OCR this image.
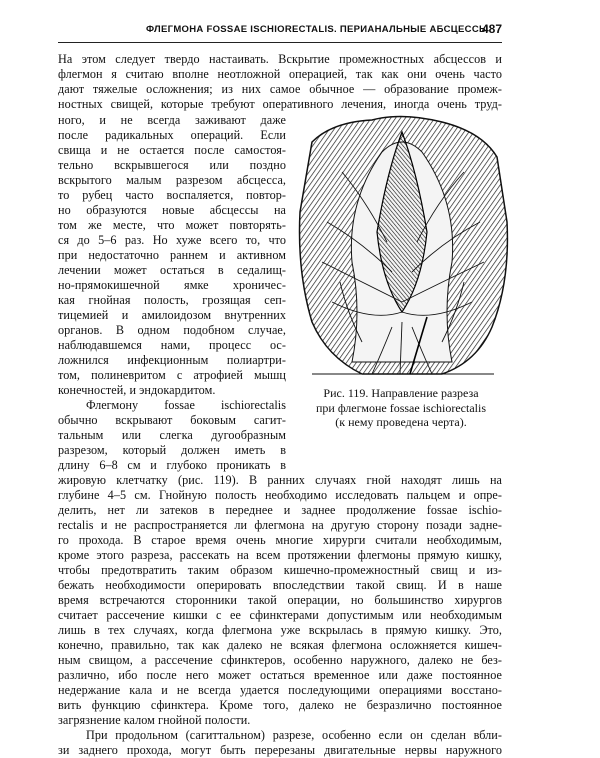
ФЛЕГМОНА FOSSAE ISCHIORECTALIS. ПЕРИАНАЛЬНЫЕ АБСЦЕССЫ
487
На этом следует твердо настаивать. Вскрытие промежностных абсцессов и
флегмон я считаю вполне неотложной операцией, так как они очень часто
дают тяжелые осложнения; из них самое обычное — образование промеж-
ностных свищей, которые требуют оперативного лечения, иногда очень труд-
ного, и не всегда заживают даже
после радикальных операций. Если
свища и не остается после самостоя-
тельно вскрывшегося или поздно
вскрытого малым разрезом абсцесса,
то рубец часто воспаляется, повтор-
но образуются новые абсцессы на
том же месте, что может повторять-
ся до 5–6 раз. Но хуже всего то, что
при недостаточно раннем и активном
лечении может остаться в седалищ-
но-прямокишечной ямке хроничес-
кая гнойная полость, грозящая сеп-
тицемией и амилоидозом внутренних
органов. В одном подобном случае,
наблюдавшемся нами, процесс ос-
ложнился инфекционным полиартри-
том, полиневритом с атрофией мышц
конечностей, и эндокардитом.
Флегмону fossae ischiorectalis
обычно вскрывают боковым сагит-
тальным или слегка дугообразным
разрезом, который должен иметь в
длину 6–8 см и глубоко проникать в
жировую клетчатку (рис. 119). В ранних случаях гной находят лишь на
глубине 4–5 см. Гнойную полость необходимо исследовать пальцем и опре-
делить, нет ли затеков в переднее и заднее продолжение fossae ischio-
rectalis и не распространяется ли флегмона на другую сторону позади задне-
го прохода. В старое время очень многие хирурги считали необходимым,
кроме этого разреза, рассекать на всем протяжении флегмоны прямую кишку,
чтобы предотвратить таким образом кишечно-промежностный свищ и из-
бежать необходимости оперировать впоследствии такой свищ. И в наше
время встречаются сторонники такой операции, но большинство хирургов
считает рассечение кишки с ее сфинктерами допустимым или необходимым
лишь в тех случаях, когда флегмона уже вскрылась в прямую кишку. Это,
конечно, правильно, так как далеко не всякая флегмона осложняется кишеч-
ным свищом, а рассечение сфинктеров, особенно наружного, далеко не без-
различно, ибо после него может остаться временное или даже постоянное
недержание кала и не всегда удается последующими операциями восстано-
вить функцию сфинктера. Кроме того, далеко не безразлично постоянное
загрязнение калом гнойной полости.
При продольном (сагиттальном) разрезе, особенно если он сделан вбли-
зи заднего прохода, могут быть перерезаны двигательные нервы наружного
Рис. 119. Направление разреза
при флегмоне fossae ischiorectalis
(к нему проведена черта).
